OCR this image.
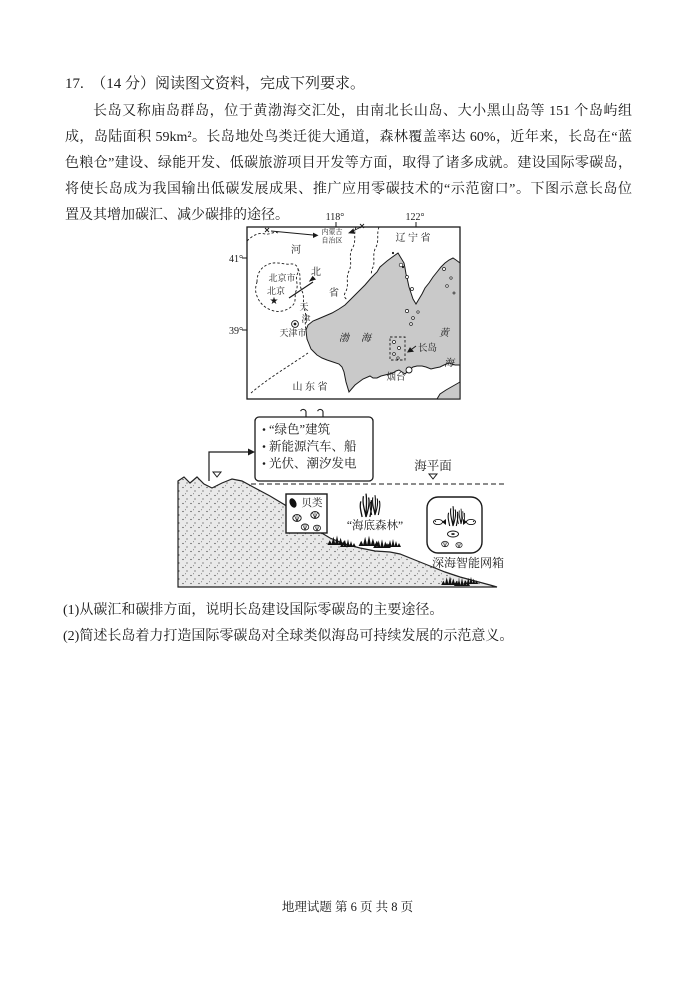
17.  （14 分）阅读图文资料，完成下列要求。
长岛又称庙岛群岛，位于黄渤海交汇处，由南北长山岛、大小黑山岛等 151 个岛屿组
成，岛陆面积 59km²。长岛地处鸟类迁徙大通道，森林覆盖率达 60%，近年来，长岛在“蓝
色粮仓”建设、绿能开发、低碳旅游项目开发等方面，取得了诸多成就。建设国际零碳岛，
将使长岛成为我国输出低碳发展成果、推广应用零碳技术的“示范窗口”。下图示意长岛位
置及其增加碳汇、减少碳排的途径。	118°	122°
41°
39°
内蒙古
自治区	辽 宁 省
河
北
省
北京市
北京
★ 天
津
天津市	渤 海
长岛
黄
海
烟台
山 东 省
“绿色”建筑
新能源汽车、船
光伏、潮汐发电	海平面
贝类
“海底森林”
深海智能网箱
(1)从碳汇和碳排方面，说明长岛建设国际零碳岛的主要途径。
(2)简述长岛着力打造国际零碳岛对全球类似海岛可持续发展的示范意义。
地理试题 第 6 页 共 8 页
